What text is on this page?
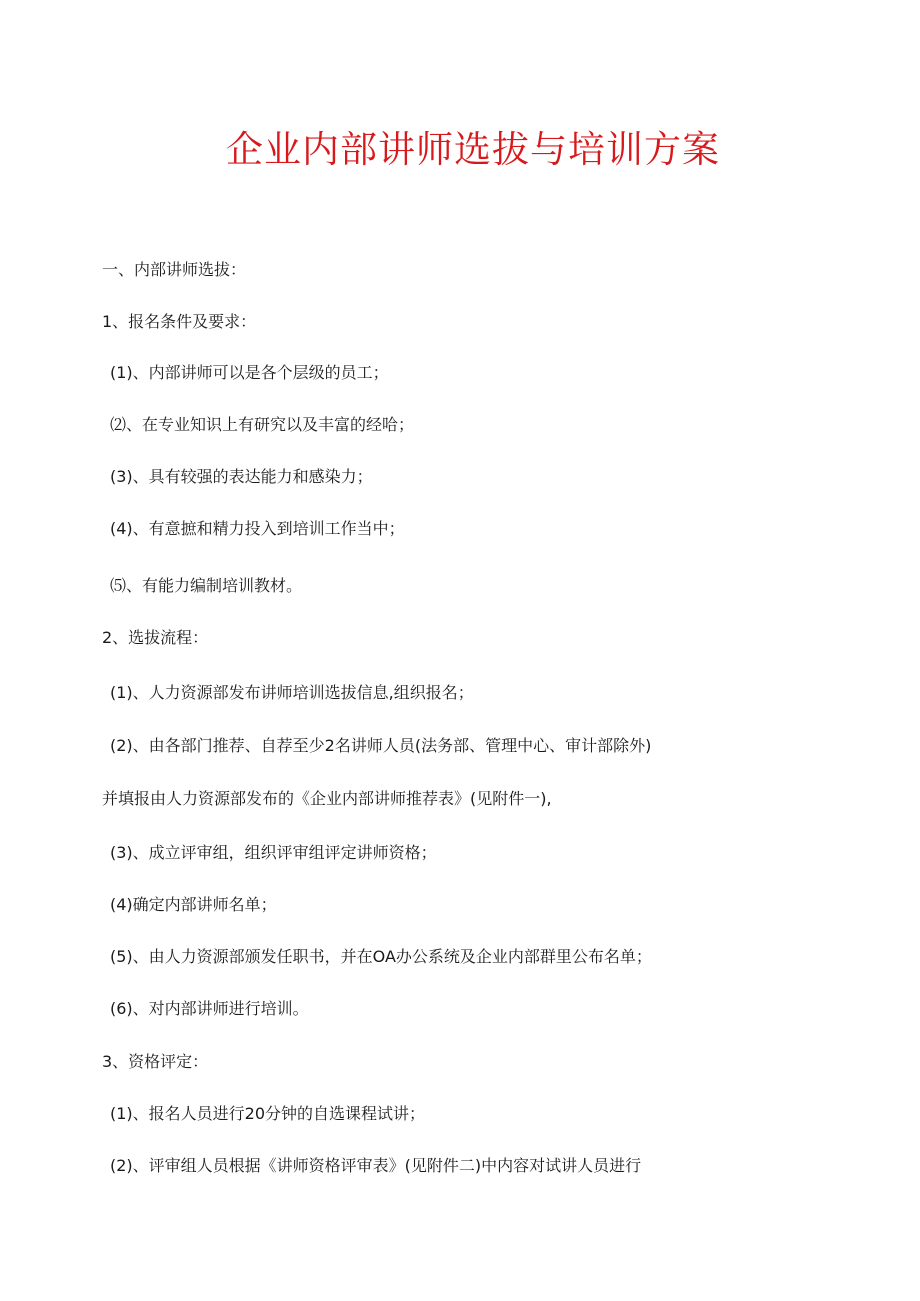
企业内部讲师选拔与培训方案
一、内部讲师选拔：
1、报名条件及要求：
(1)、内部讲师可以是各个层级的员工；
⑵、在专业知识上有研究以及丰富的经哈；
(3)、具有较强的表达能力和感染力；
(4)、有意摭和精力投入到培训工作当中；
⑸、有能力编制培训教材。
2、选拔流程：
(1)、人力资源部发布讲师培训选拔信息,组织报名；
(2)、由各部门推荐、自荐至少2名讲师人员(法务部、管理中心、审计部除外)
并填报由人力资源部发布的《企业内部讲师推荐表》(见附件一),
(3)、成立评审组，组织评审组评定讲师资格；
(4)确定内部讲师名单；
(5)、由人力资源部颁发任职书，并在OA办公系统及企业内部群里公布名单；
(6)、对内部讲师进行培训。
3、资格评定：
(1)、报名人员进行20分钟的自选课程试讲；
(2)、评审组人员根据《讲师资格评审表》(见附件二)中内容对试讲人员进行
